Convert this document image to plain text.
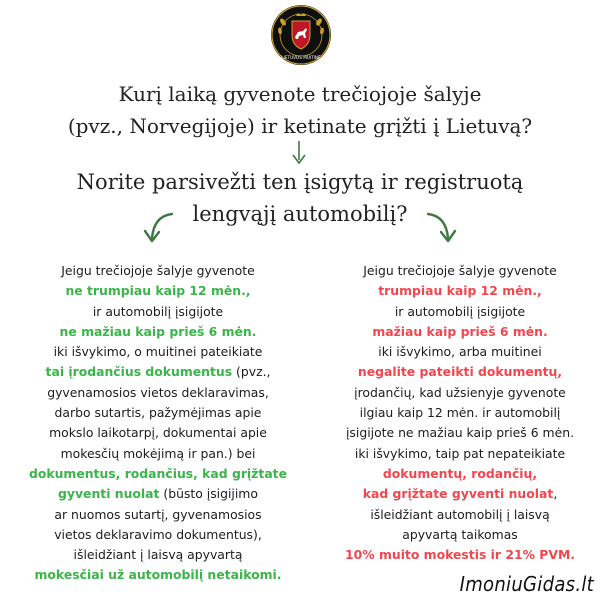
LIETUVOS MUITINĖ
Kurį laiką gyvenote trečiojoje šalyje
(pvz., Norvegijoje) ir ketinate grįžti į Lietuvą?
Norite parsivežti ten įsigytą ir registruotą
lengvąjį automobilį?
Jeigu trečiojoje šalyje gyvenote
ne trumpiau kaip 12 mėn.,
ir automobilį įsigijote
ne mažiau kaip prieš 6 mėn.
iki išvykimo, o muitinei pateikiate
tai įrodančius dokumentus (pvz.,
gyvenamosios vietos deklaravimas,
darbo sutartis, pažymėjimas apie
mokslo laikotarpį, dokumentai apie
mokesčių mokėjimą ir pan.) bei
dokumentus, rodančius, kad grįžtate
gyventi nuolat (būsto įsigijimo
ar nuomos sutartį, gyvenamosios
vietos deklaravimo dokumentus),
išleidžiant į laisvą apyvartą
mokesčiai už automobilį netaikomi.
Jeigu trečiojoje šalyje gyvenote
trumpiau kaip 12 mėn.,
ir automobilį įsigijote
mažiau kaip prieš 6 mėn.
iki išvykimo, arba muitinei
negalite pateikti dokumentų,
įrodančių, kad užsienyje gyvenote
ilgiau kaip 12 mėn. ir automobilį
įsigijote ne mažiau kaip prieš 6 mėn.
iki išvykimo, taip pat nepateikiate
dokumentų, rodančių,
kad grįžtate gyventi nuolat,
išleidžiant automobilį į laisvą
apyvartą taikomas
10% muito mokestis ir 21% PVM.
ImoniuGidas.lt
